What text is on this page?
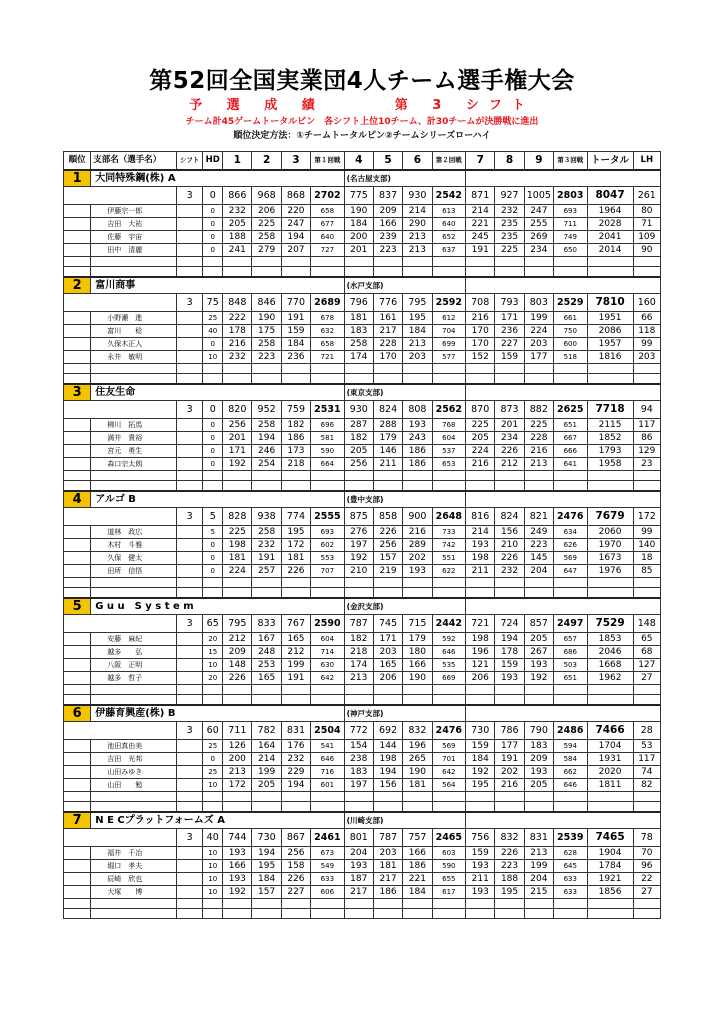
第52回全国実業団4人チーム選手権大会
予 選 成 績	第 3 シフト
チーム計45ゲームトータルピン　各シフト上位10チーム、計30チームが決勝戦に進出
順位決定方法：①チームトータルピン②チームシリーズローハイ
順位	支部名（選手名）	シフト	HD	1	2	3	第１回戦	4	5	6	第２回戦	7	8	9	第３回戦	トータル	LH
1	大同特殊鋼(株) A							(名古屋支部)									
		3	0	866	968	868	2702	775	837	930	2542	871	927	1005	2803	8047	261
	伊藤宗一郎		0	232	206	220	658	190	209	214	613	214	232	247	693	1964	80
	吉田　大祐		0	205	225	247	677	184	166	290	640	221	235	255	711	2028	71
	佐藤　宇宙		0	188	258	194	640	200	239	213	652	245	235	269	749	2041	109
	田中　清麗		0	241	279	207	727	201	223	213	637	191	225	234	650	2014	90

2	富川商事							(水戸支部)									
		3	75	848	846	770	2689	796	776	795	2592	708	793	803	2529	7810	160
	小野瀬　進		25	222	190	191	678	181	161	195	612	216	171	199	661	1951	66
	富川　　稔		40	178	175	159	632	183	217	184	704	170	236	224	750	2086	118
	久保木正人		0	216	258	184	658	258	228	213	699	170	227	203	600	1957	99
	永井　敏明		10	232	223	236	721	174	170	203	577	152	159	177	518	1816	203

3	住友生命							(東京支部)									
		3	0	820	952	759	2531	930	824	808	2562	870	873	882	2625	7718	94
	柳川　拓馬		0	256	258	182	696	287	288	193	768	225	201	225	651	2115	117
	満井　貴裕		0	201	194	186	581	182	179	243	604	205	234	228	667	1852	86
	宮元　勇生		0	171	246	173	590	205	146	186	537	224	226	216	666	1793	129
	森口宗太朗		0	192	254	218	664	256	211	186	653	216	212	213	641	1958	23

4	アルゴ B							(豊中支部)									
		3	5	828	938	774	2555	875	858	900	2648	816	824	821	2476	7679	172
	道林　政広		5	225	258	195	693	276	226	216	733	214	156	249	634	2060	99
	木村　斗雅		0	198	232	172	602	197	256	289	742	193	210	223	626	1970	140
	久保　健太		0	181	191	181	553	192	157	202	551	198	226	145	569	1673	18
	田所　信悟		0	224	257	226	707	210	219	193	622	211	232	204	647	1976	85

5	G u u　S y s t e m							(金沢支部)									
		3	65	795	833	767	2590	787	745	715	2442	721	724	857	2497	7529	148
	安藤　麻紀		20	212	167	165	604	182	171	179	592	198	194	205	657	1853	65
	越多　　弘		15	209	248	212	714	218	203	180	646	196	178	267	686	2046	68
	八阪　正明		10	148	253	199	630	174	165	166	535	121	159	193	503	1668	127
	越多　哲子		20	226	165	191	642	213	206	190	669	206	193	192	651	1962	27

6	伊藤育興産(株) B							(神戸支部)									
		3	60	711	782	831	2504	772	692	832	2476	730	786	790	2486	7466	28
	池田真由美		25	126	164	176	541	154	144	196	569	159	177	183	594	1704	53
	吉田　光邦		0	200	214	232	646	238	198	265	701	184	191	209	584	1931	117
	山田みゆき		25	213	199	229	716	183	194	190	642	192	202	193	662	2020	74
	山田　　勉		10	172	205	194	601	197	156	181	564	195	216	205	646	1811	82

7	N E Cプラットフォームズ A							(川崎支部)									
		3	40	744	730	867	2461	801	787	757	2465	756	832	831	2539	7465	78
	福井　千冶		10	193	194	256	673	204	203	166	603	159	226	213	628	1904	70
	堀口　孝夫		10	166	195	158	549	193	181	186	590	193	223	199	645	1784	96
	辰崎　欣也		10	193	184	226	633	187	217	221	655	211	188	204	633	1921	22
	大塚　　博		10	192	157	227	606	217	186	184	617	193	195	215	633	1856	27
